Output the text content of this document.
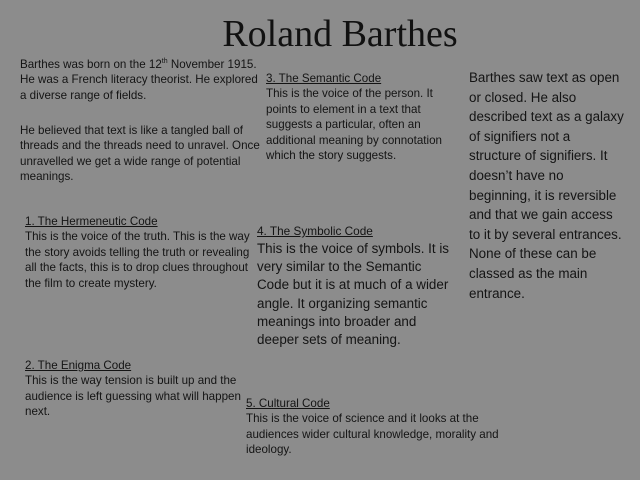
Roland Barthes

Barthes was born on the 12th November 1915. He was a French literacy theorist. He explored a diverse range of fields.

He believed that text is like a tangled ball of threads and the threads need to unravel. Once unravelled we get a wide range of potential meanings.

1. The Hermeneutic Code
This is the voice of the truth. This is the way the story avoids telling the truth or revealing all the facts, this is to drop clues throughout the film to create mystery.
2. The Enigma Code
This is the way tension is built up and the audience is left guessing what will happen next.
3. The Semantic Code
This is the voice of the person. It points to element in a text that suggests a particular, often an additional meaning by connotation which the story suggests.
4. The Symbolic Code
This is the voice of symbols. It is very similar to the Semantic Code but it is at much of a wider angle. It organizing semantic meanings into broader and deeper sets of meaning.
5. Cultural Code
This is the voice of science and it looks at the audiences wider cultural knowledge, morality and ideology.

Barthes saw text as open or closed. He also described text as a galaxy of signifiers not a structure of signifiers. It doesn’t have no beginning, it is reversible and that we gain access to it by several entrances. None of these can be classed as the main entrance.
